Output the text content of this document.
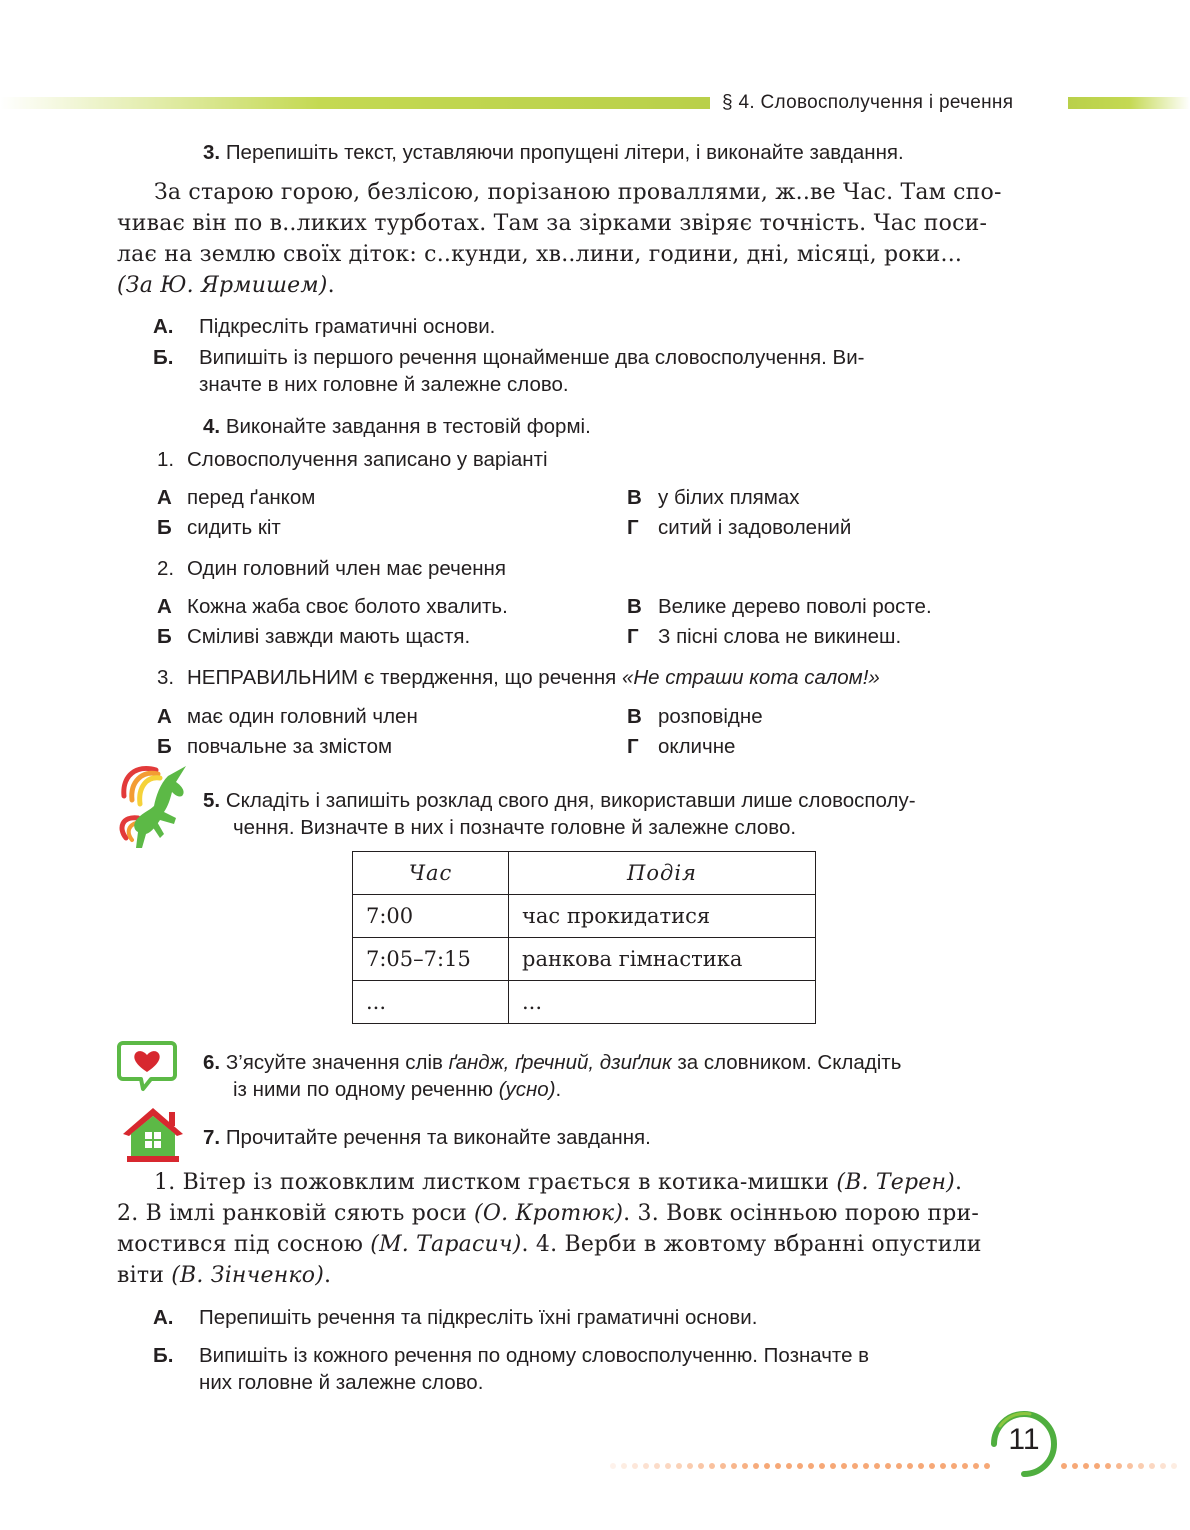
§ 4. Словосполучення і речення
3. Перепишіть текст, уставляючи пропущені літери, і виконайте завдання.
За старою горою, безлісою, порізаною проваллями, ж..ве Час. Там спо-
чиває він по в..ликих турботах. Там за зірками звіряє точність. Час поси-
лає на землю своїх діток: с..кунди, хв..лини, години, дні, місяці, роки...
(За Ю. Ярмишем).
А. Підкресліть граматичні основи.
Б. Випишіть із першого речення щонайменше два словосполучення. Ви-
значте в них головне й залежне слово.
4. Виконайте завдання в тестовій формі.
1. Словосполучення записано у варіанті
А перед ґанком
Б сидить кіт
В у білих плямах
Г ситий і задоволений
2. Один головний член має речення
А Кожна жаба своє болото хвалить.
Б Сміливі завжди мають щастя.
В Велике дерево поволі росте.
Г З пісні слова не викинеш.
3. НЕПРАВИЛЬНИМ є твердження, що речення «Не страши кота салом!»
А має один головний член
Б повчальне за змістом
В розповідне
Г окличне
5. Складіть і запишіть розклад свого дня, використавши лише словосполу-
чення. Визначте в них і позначте головне й залежне слово.
Час	Подія
7:00	час прокидатися
7:05–7:15	ранкова гімнастика
...	...
6. З’ясуйте значення слів ґандж, ґречний, дзиґлик за словником. Складіть
із ними по одному реченню (усно).
7. Прочитайте речення та виконайте завдання.
1. Вітер із пожовклим листком грається в котика-мишки (В. Терен).
2. В імлі ранковій сяють роси (О. Кротюк). 3. Вовк осінньою порою при-
мостився під сосною (М. Тарасич). 4. Верби в жовтому вбранні опустили
віти (В. Зінченко).
А. Перепишіть речення та підкресліть їхні граматичні основи.
Б. Випишіть із кожного речення по одному словосполученню. Позначте в
них головне й залежне слово.
11
